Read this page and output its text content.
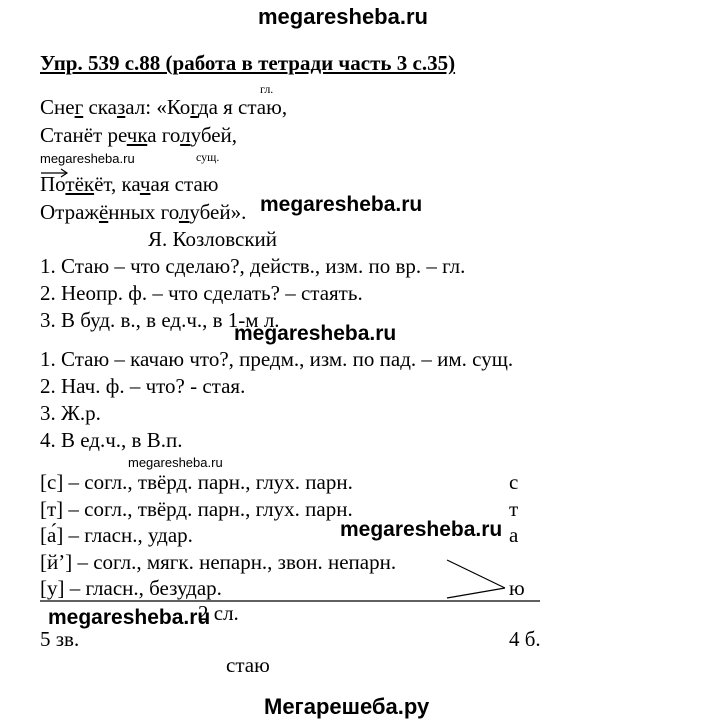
megaresheba.ru
Упр. 539 с.88 (работа в тетради часть 3 с.35)
гл.
Снег сказал: «Когда я стаю,
Станёт речка голубей,
megaresheba.ru	сущ.
Потёкёт, качая стаю
Отражённых голубей». megaresheba.ru
Я. Козловский
1. Стаю – что сделаю?, действ., изм. по вр. – гл.
2. Неопр. ф. – что сделать? – стаять.
3. В буд. в., в ед.ч., в 1-м л.
megaresheba.ru
1. Стаю – качаю что?, предм., изм. по пад. – им. сущ.
2. Нач. ф. – что? - стая.
3. Ж.р.
4. В ед.ч., в В.п.
megaresheba.ru
[с] – согл., твёрд. парн., глух. парн.	с
[т] – согл., твёрд. парн., глух. парн.	т
[а́] – гласн., удар.	а
megaresheba.ru
[й’] – согл., мягк. непарн., звон. непарн.
[у] – гласн., безудар.	ю
megaresheba.ru
2 сл.
5 зв.	4 б.
стаю
Мегарешеба.ру
